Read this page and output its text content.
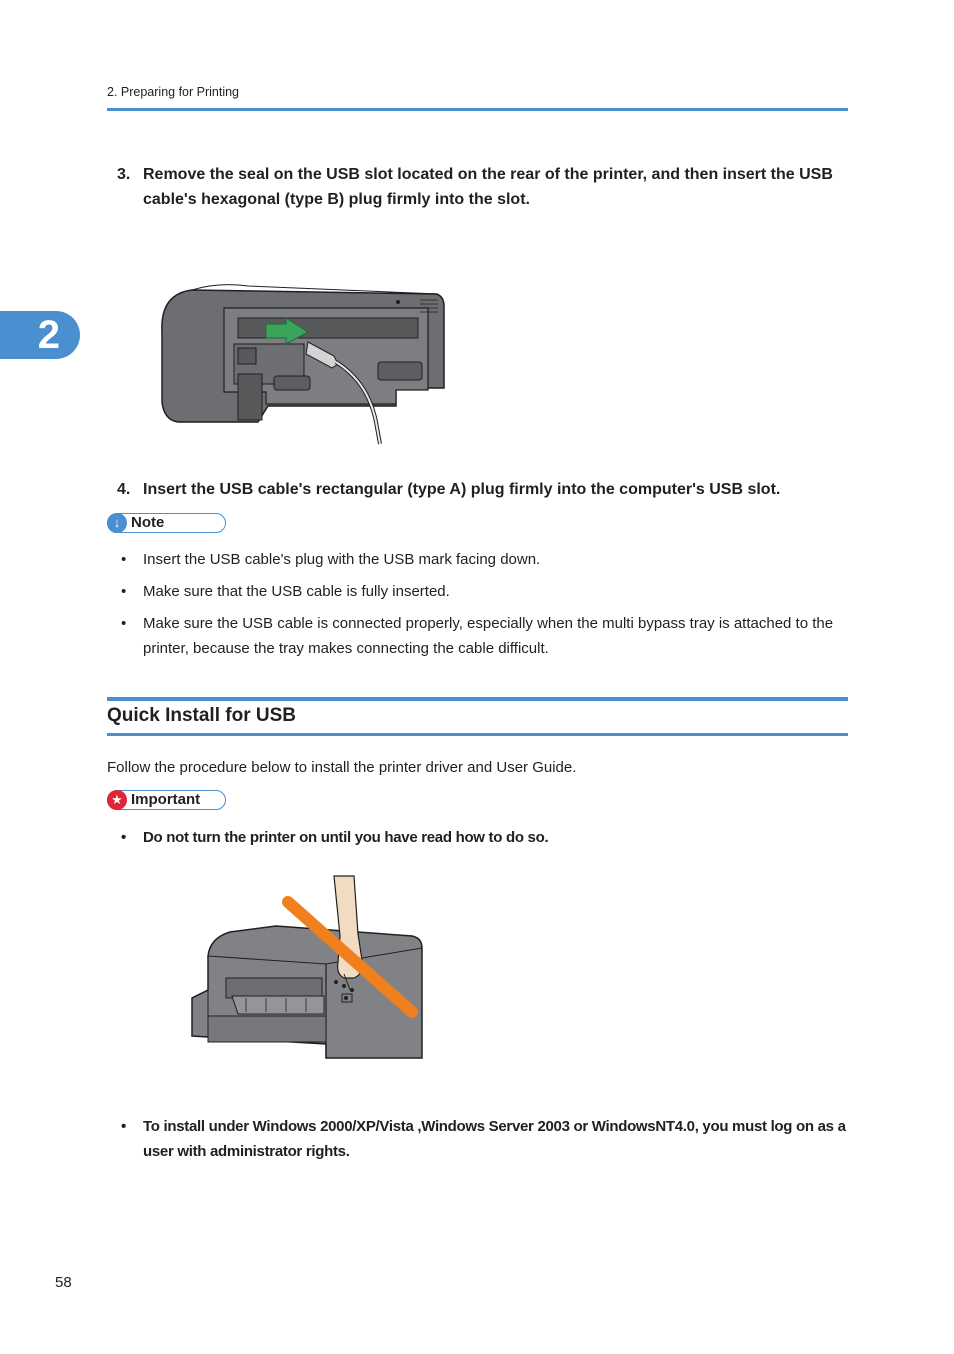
2. Preparing for Printing
2
3. Remove the seal on the USB slot located on the rear of the printer, and then insert the USB cable's hexagonal (type B) plug firmly into the slot.
4. Insert the USB cable's rectangular (type A) plug firmly into the computer's USB slot.
↓ Note
• Insert the USB cable's plug with the USB mark facing down.
• Make sure that the USB cable is fully inserted.
• Make sure the USB cable is connected properly, especially when the multi bypass tray is attached to the printer, because the tray makes connecting the cable difficult.
Quick Install for USB
Follow the procedure below to install the printer driver and User Guide.
★ Important
• Do not turn the printer on until you have read how to do so.
• To install under Windows 2000/XP/Vista ,Windows Server 2003 or WindowsNT4.0, you must log on as a user with administrator rights.
58
